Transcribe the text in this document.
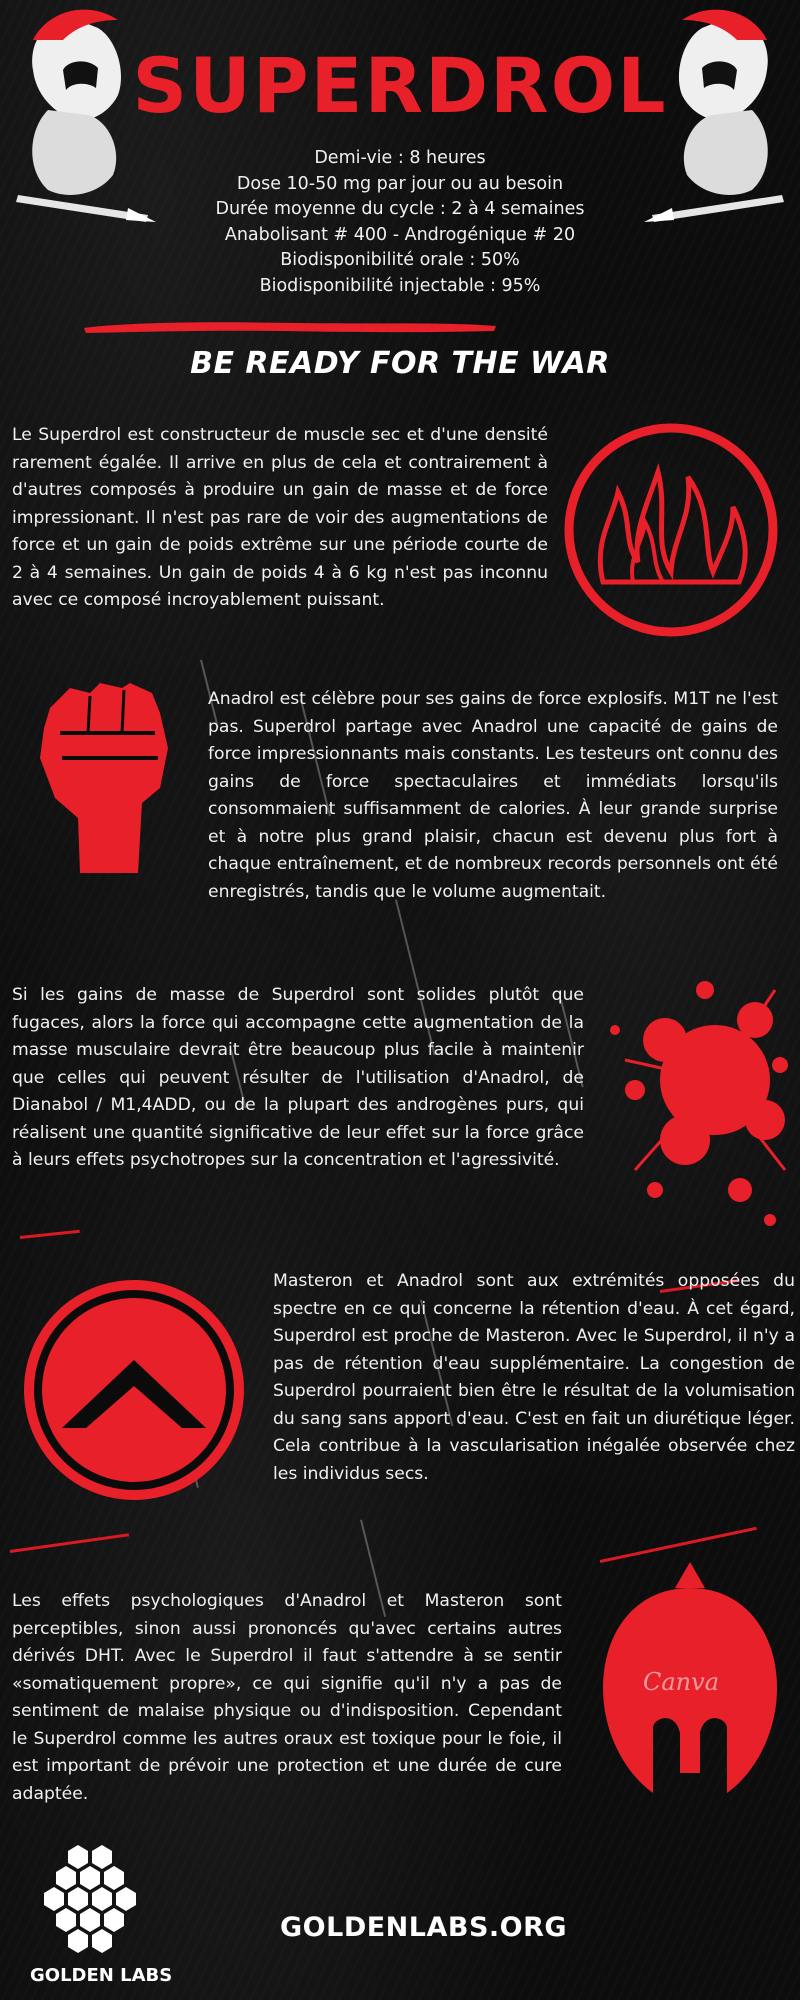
SUPERDROL
Demi-vie : 8 heures
Dose 10-50 mg par jour ou au besoin
Durée moyenne du cycle : 2 à 4 semaines
Anabolisant # 400 - Androgénique # 20
Biodisponibilité orale : 50%
Biodisponibilité injectable : 95%
BE READY FOR THE WAR
Le Superdrol est constructeur de muscle sec et d'une densité rarement égalée. Il arrive en plus de cela et contrairement à d'autres composés à produire un gain de masse et de force impressionant. Il n'est pas rare de voir des augmentations de force et un gain de poids extrême sur une période courte de 2 à 4 semaines. Un gain de poids 4 à 6 kg n'est pas inconnu avec ce composé incroyablement puissant.
Anadrol est célèbre pour ses gains de force explosifs. M1T ne l'est pas. Superdrol partage avec Anadrol une capacité de gains de force impressionnants mais constants. Les testeurs ont connu des gains de force spectaculaires et immédiats lorsqu'ils consommaient suffisamment de calories. À leur grande surprise et à notre plus grand plaisir, chacun est devenu plus fort à chaque entraînement, et de nombreux records personnels ont été enregistrés, tandis que le volume augmentait.
Si les gains de masse de Superdrol sont solides plutôt que fugaces, alors la force qui accompagne cette augmentation de la masse musculaire devrait être beaucoup plus facile à maintenir que celles qui peuvent résulter de l'utilisation d'Anadrol, de Dianabol / M1,4ADD, ou de la plupart des androgènes purs, qui réalisent une quantité significative de leur effet sur la force grâce à leurs effets psychotropes sur la concentration et l'agressivité.
Masteron et Anadrol sont aux extrémités opposées du spectre en ce qui concerne la rétention d'eau. À cet égard, Superdrol est proche de Masteron. Avec le Superdrol, il n'y a pas de rétention d'eau supplémentaire. La congestion de Superdrol pourraient bien être le résultat de la volumisation du sang sans apport d'eau. C'est en fait un diurétique léger. Cela contribue à la vascularisation inégalée observée chez les individus secs.
Les effets psychologiques d'Anadrol et Masteron sont perceptibles, sinon aussi prononcés qu'avec certains autres dérivés DHT. Avec le Superdrol il faut s'attendre à se sentir «somatiquement propre», ce qui signifie qu'il n'y a pas de sentiment de malaise physique ou d'indisposition. Cependant le Superdrol comme les autres oraux est toxique pour le foie, il est important de prévoir une protection et une durée de cure adaptée.
Canva
GOLDENLABS.ORG
GOLDEN LABS
